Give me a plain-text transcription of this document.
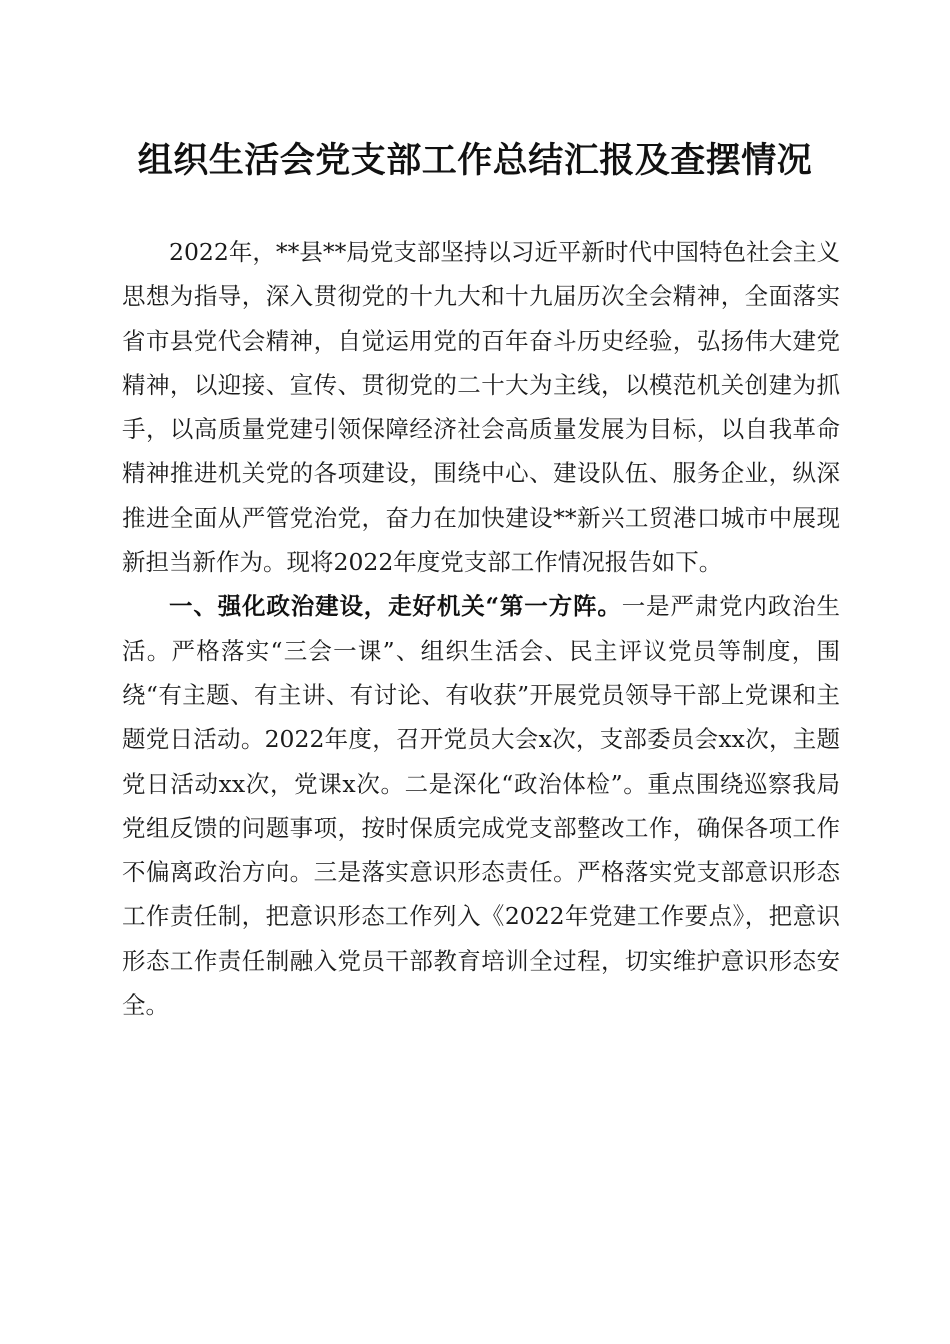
组织生活会党支部工作总结汇报及查摆情况

2022年，**县**局党支部坚持以习近平新时代中国特色社会主义思想为指导，深入贯彻党的十九大和十九届历次全会精神，全面落实省市县党代会精神，自觉运用党的百年奋斗历史经验，弘扬伟大建党精神，以迎接、宣传、贯彻党的二十大为主线，以模范机关创建为抓手，以高质量党建引领保障经济社会高质量发展为目标，以自我革命精神推进机关党的各项建设，围绕中心、建设队伍、服务企业，纵深推进全面从严管党治党，奋力在加快建设**新兴工贸港口城市中展现新担当新作为。现将2022年度党支部工作情况报告如下。

一、强化政治建设，走好机关“第一方阵。一是严肃党内政治生活。严格落实“三会一课”、组织生活会、民主评议党员等制度，围绕“有主题、有主讲、有讨论、有收获”开展党员领导干部上党课和主题党日活动。2022年度，召开党员大会x次，支部委员会xx次，主题党日活动xx次，党课x次。二是深化“政治体检”。重点围绕巡察我局党组反馈的问题事项，按时保质完成党支部整改工作，确保各项工作不偏离政治方向。三是落实意识形态责任。严格落实党支部意识形态工作责任制，把意识形态工作列入《2022年党建工作要点》，把意识形态工作责任制融入党员干部教育培训全过程，切实维护意识形态安全。
